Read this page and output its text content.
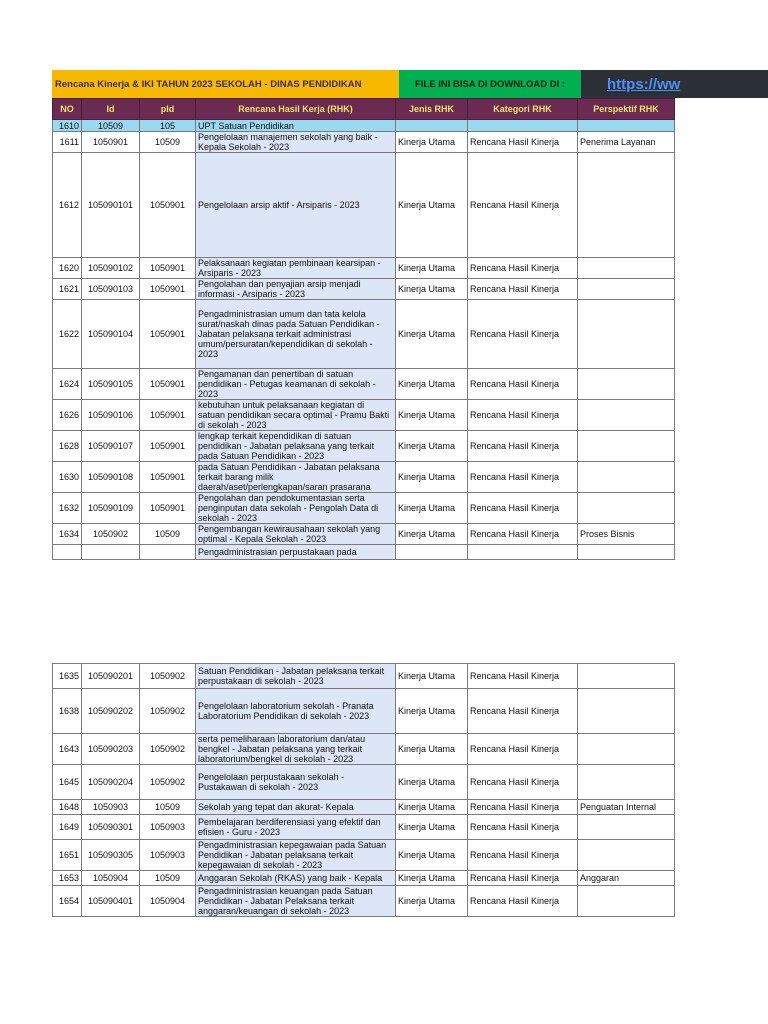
Rencana Kinerja & IKI TAHUN 2023 SEKOLAH - DINAS PENDIDIKAN	FILE INI BISA DI DOWNLOAD DI :	https://ww
NO	Id	pId	Rencana Hasil Kerja (RHK)	Jenis RHK	Kategori RHK	Perspektif RHK
1610	10509	105	UPT Satuan Pendidikan			
1611	1050901	10509	Pengelolaan manajemen sekolah yang baik - Kepala Sekolah - 2023	Kinerja Utama	Rencana Hasil Kinerja	Penerima Layanan
1612	105090101	1050901	Pengelolaan arsip aktif - Arsiparis - 2023	Kinerja Utama	Rencana Hasil Kinerja	
1620	105090102	1050901	Pelaksanaan kegiatan pembinaan kearsipan - Arsiparis - 2023	Kinerja Utama	Rencana Hasil Kinerja	
1621	105090103	1050901	Pengolahan dan penyajian arsip menjadi informasi - Arsiparis - 2023	Kinerja Utama	Rencana Hasil Kinerja	
1622	105090104	1050901	Pengadministrasian umum dan tata kelola surat/naskah dinas pada Satuan Pendidikan - Jabatan pelaksana terkait administrasi umum/persuratan/kependidikan di sekolah - 2023	Kinerja Utama	Rencana Hasil Kinerja	
1624	105090105	1050901	Pengamanan dan penertiban di satuan pendidikan - Petugas keamanan di sekolah - 2023	Kinerja Utama	Rencana Hasil Kinerja	
1626	105090106	1050901	kebutuhan untuk pelaksanaan kegiatan di satuan pendidikan secara optimal - Pramu Bakti di sekolah - 2023	Kinerja Utama	Rencana Hasil Kinerja	
1628	105090107	1050901	lengkap terkait kependidikan di satuan pendidikan - Jabatan pelaksana yang terkait pada Satuan Pendidikan - 2023	Kinerja Utama	Rencana Hasil Kinerja	
1630	105090108	1050901	pada Satuan Pendidikan - Jabatan pelaksana terkait barang milik daerah/aset/perlengkapan/saran prasarana	Kinerja Utama	Rencana Hasil Kinerja	
1632	105090109	1050901	Pengolahan dan pendokumentasian serta penginputan data sekolah - Pengolah Data di sekolah - 2023	Kinerja Utama	Rencana Hasil Kinerja	
1634	1050902	10509	Pengembangan kewirausahaan sekolah yang optimal - Kepala Sekolah - 2023	Kinerja Utama	Rencana Hasil Kinerja	Proses Bisnis
			Pengadministrasian perpustakaan pada			
1635	105090201	1050902	Satuan Pendidikan - Jabatan pelaksana terkait perpustakaan di sekolah - 2023	Kinerja Utama	Rencana Hasil Kinerja	
1638	105090202	1050902	Pengelolaan laboratorium sekolah - Pranata Laboratorium Pendidikan di sekolah - 2023	Kinerja Utama	Rencana Hasil Kinerja	
1643	105090203	1050902	serta pemeliharaan laboratorium dan/atau bengkel - Jabatan pelaksana yang terkait laboratorium/bengkel di sekolah - 2023	Kinerja Utama	Rencana Hasil Kinerja	
1645	105090204	1050902	Pengelolaan perpustakaan sekolah - Pustakawan di sekolah - 2023	Kinerja Utama	Rencana Hasil Kinerja	
1648	1050903	10509	Sekolah yang tepat dan akurat- Kepala	Kinerja Utama	Rencana Hasil Kinerja	Penguatan Internal
1649	105090301	1050903	Pembelajaran berdiferensiasi yang efektif dan efisien - Guru - 2023	Kinerja Utama	Rencana Hasil Kinerja	
1651	105090305	1050903	Pengadministrasian kepegawaian pada Satuan Pendidikan - Jabatan pelaksana terkait kepegawaian di sekolah - 2023	Kinerja Utama	Rencana Hasil Kinerja	
1653	1050904	10509	Anggaran Sekolah (RKAS) yang baik - Kepala	Kinerja Utama	Rencana Hasil Kinerja	Anggaran
1654	105090401	1050904	Pengadministrasian keuangan pada Satuan Pendidikan - Jabatan Pelaksana terkait anggaran/keuangan di sekolah - 2023	Kinerja Utama	Rencana Hasil Kinerja	
